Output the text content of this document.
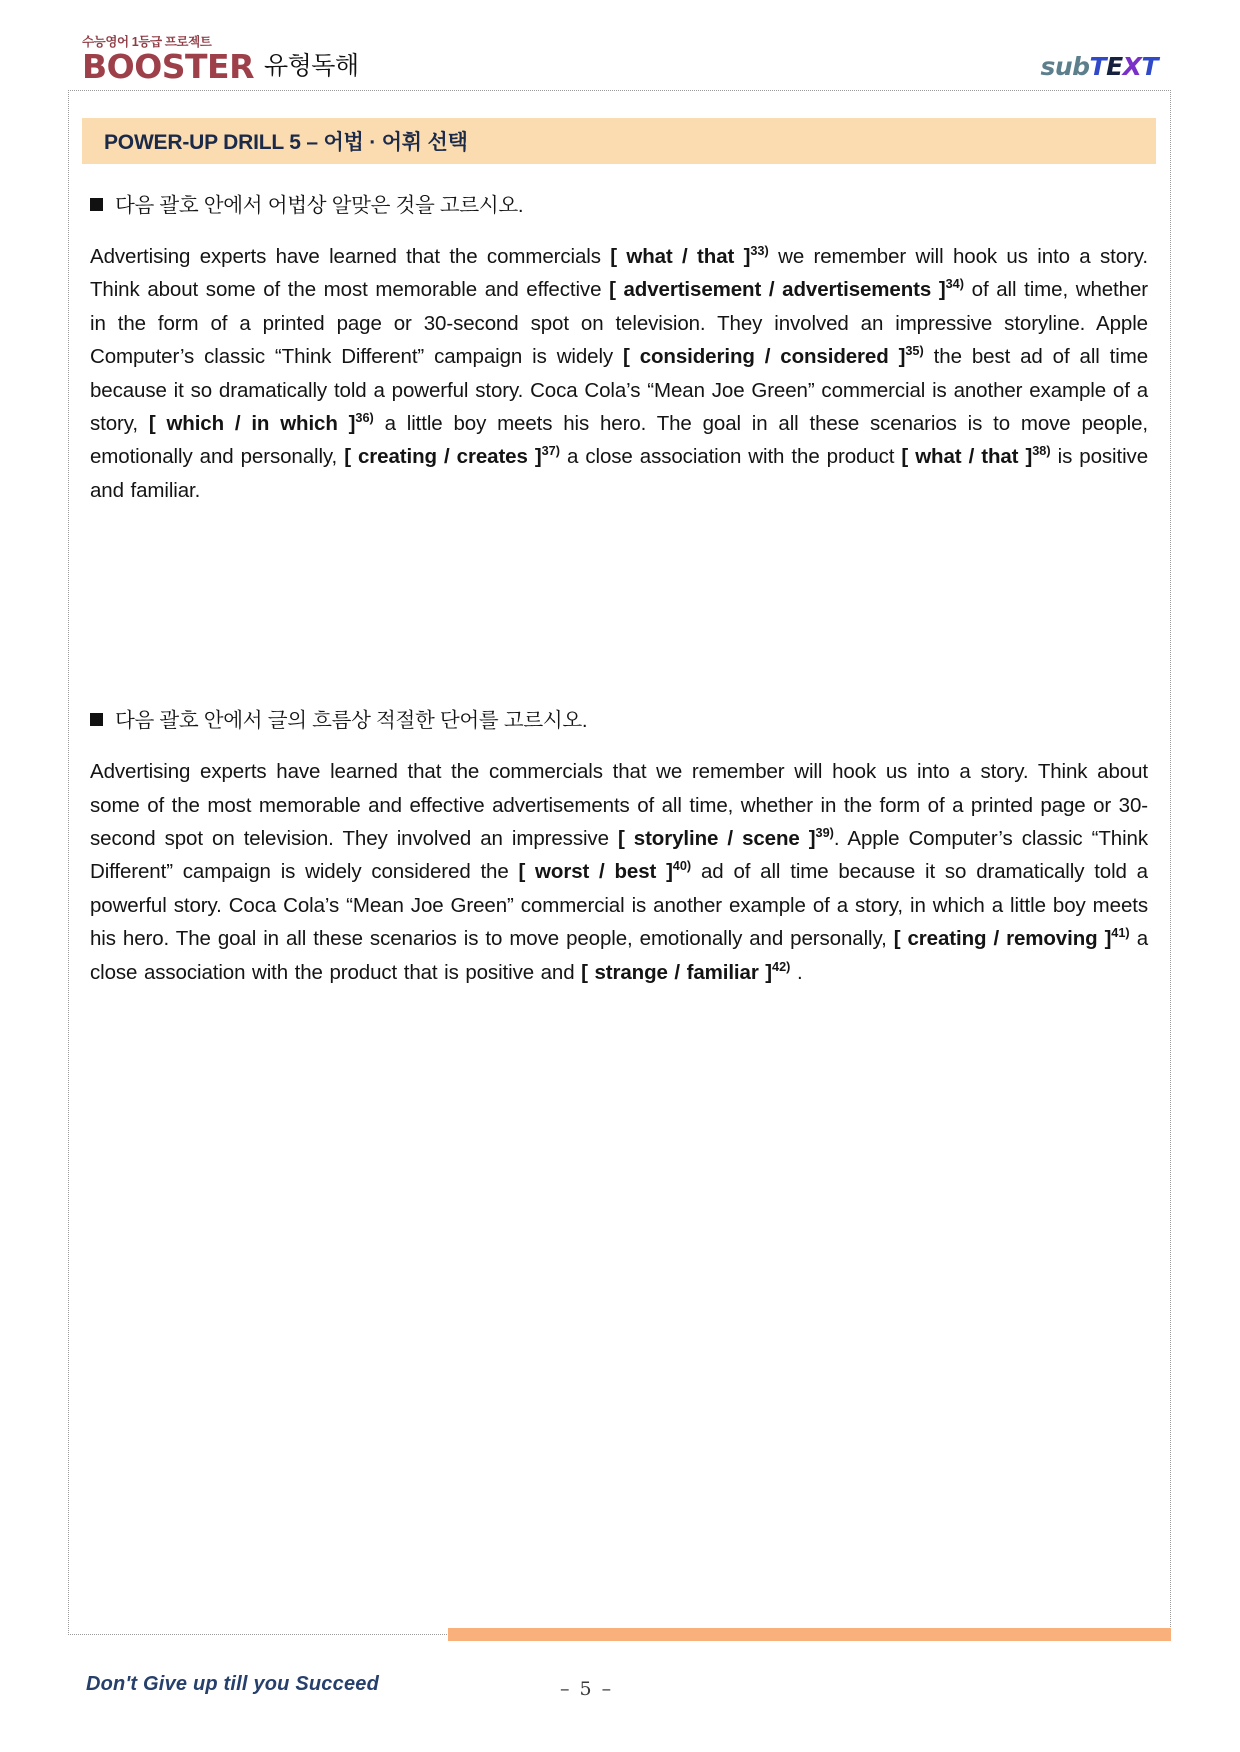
수능영어 1등급 프로젝트
BOOSTER 유형독해	subTEXT
POWER-UP DRILL 5 – 어법 · 어휘 선택
다음 괄호 안에서 어법상 알맞은 것을 고르시오.

Advertising experts have learned that the commercials [ what / that ]$^{33)}$ we remember will hook us into a story. Think about some of the most memorable and effective [ advertisement / advertisements ]$^{34)}$ of all time, whether in the form of a printed page or 30-second spot on television. They involved an impressive storyline. Apple Computer’s classic “Think Different” campaign is widely [ considering / considered ]$^{35)}$ the best ad of all time because it so dramatically told a powerful story. Coca Cola’s “Mean Joe Green” commercial is another example of a story, [ which / in which ]$^{36)}$ a little boy meets his hero. The goal in all these scenarios is to move people, emotionally and personally, [ creating / creates ]$^{37)}$ a close association with the product [ what / that ]$^{38)}$ is positive and familiar.

다음 괄호 안에서 글의 흐름상 적절한 단어를 고르시오.

Advertising experts have learned that the commercials that we remember will hook us into a story. Think about some of the most memorable and effective advertisements of all time, whether in the form of a printed page or 30-second spot on television. They involved an impressive [ storyline / scene ]$^{39)}$. Apple Computer’s classic “Think Different” campaign is widely considered the [ worst / best ]$^{40)}$ ad of all time because it so dramatically told a powerful story. Coca Cola’s “Mean Joe Green” commercial is another example of a story, in which a little boy meets his hero. The goal in all these scenarios is to move people, emotionally and personally, [ creating / removing ]$^{41)}$ a close association with the product that is positive and [ strange / familiar ]$^{42)}$ .

Don't Give up till you Succeed	– 5 –
